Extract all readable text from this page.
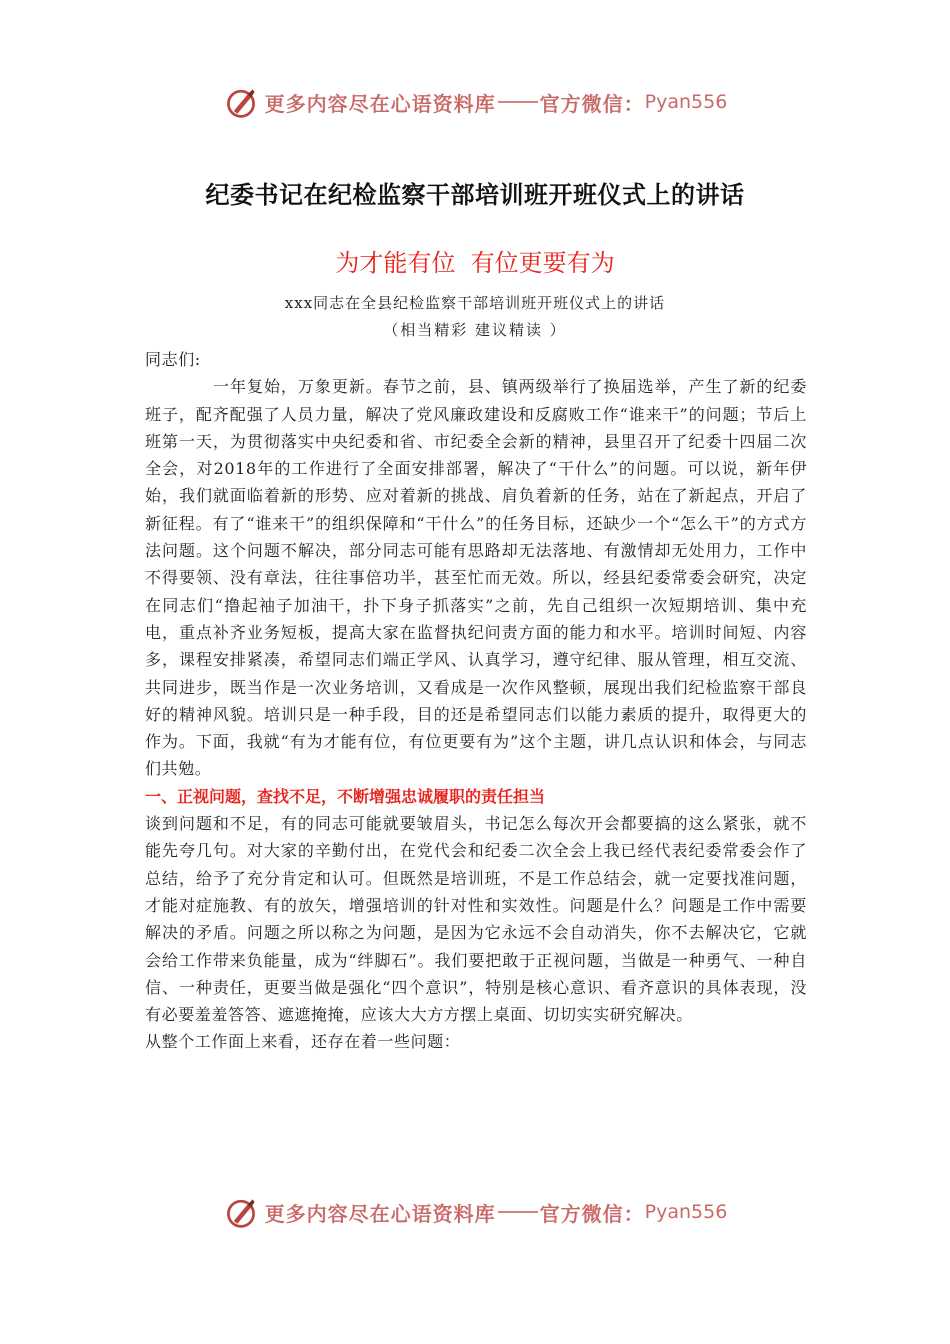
更多内容尽在心语资料库 官方微信： Pyan556
纪委书记在纪检监察干部培训班开班仪式上的讲话
为才能有位  有位更要有为
xxx同志在全县纪检监察干部培训班开班仪式上的讲话
（相当精彩 建议精读 ）

同志们:

一年复始，万象更新。春节之前，县、镇两级举行了换届选举，产生了新的纪委班子，配齐配强了人员力量，解决了党风廉政建设和反腐败工作“谁来干”的问题；节后上班第一天，为贯彻落实中央纪委和省、市纪委全会新的精神，县里召开了纪委十四届二次全会，对2018年的工作进行了全面安排部署，解决了“干什么”的问题。可以说，新年伊始，我们就面临着新的形势、应对着新的挑战、肩负着新的任务，站在了新起点，开启了新征程。有了“谁来干”的组织保障和“干什么”的任务目标，还缺少一个“怎么干”的方式方法问题。这个问题不解决，部分同志可能有思路却无法落地、有激情却无处用力，工作中不得要领、没有章法，往往事倍功半，甚至忙而无效。所以，经县纪委常委会研究，决定在同志们“撸起袖子加油干，扑下身子抓落实”之前，先自己组织一次短期培训、集中充电，重点补齐业务短板，提高大家在监督执纪问责方面的能力和水平。培训时间短、内容多，课程安排紧凑，希望同志们端正学风、认真学习，遵守纪律、服从管理，相互交流、共同进步，既当作是一次业务培训，又看成是一次作风整顿，展现出我们纪检监察干部良好的精神风貌。培训只是一种手段，目的还是希望同志们以能力素质的提升，取得更大的作为。下面，我就“有为才能有位，有位更要有为”这个主题，讲几点认识和体会，与同志们共勉。

一、正视问题，查找不足，不断增强忠诚履职的责任担当

谈到问题和不足，有的同志可能就要皱眉头，书记怎么每次开会都要搞的这么紧张，就不能先夸几句。对大家的辛勤付出，在党代会和纪委二次全会上我已经代表纪委常委会作了总结，给予了充分肯定和认可。但既然是培训班，不是工作总结会，就一定要找准问题，才能对症施教、有的放矢，增强培训的针对性和实效性。问题是什么？问题是工作中需要解决的矛盾。问题之所以称之为问题，是因为它永远不会自动消失，你不去解决它，它就会给工作带来负能量，成为“绊脚石”。我们要把敢于正视问题，当做是一种勇气、一种自信、一种责任，更要当做是强化“四个意识”，特别是核心意识、看齐意识的具体表现，没有必要羞羞答答、遮遮掩掩，应该大大方方摆上桌面、切切实实研究解决。

从整个工作面上来看，还存在着一些问题：

更多内容尽在心语资料库 官方微信： Pyan556
